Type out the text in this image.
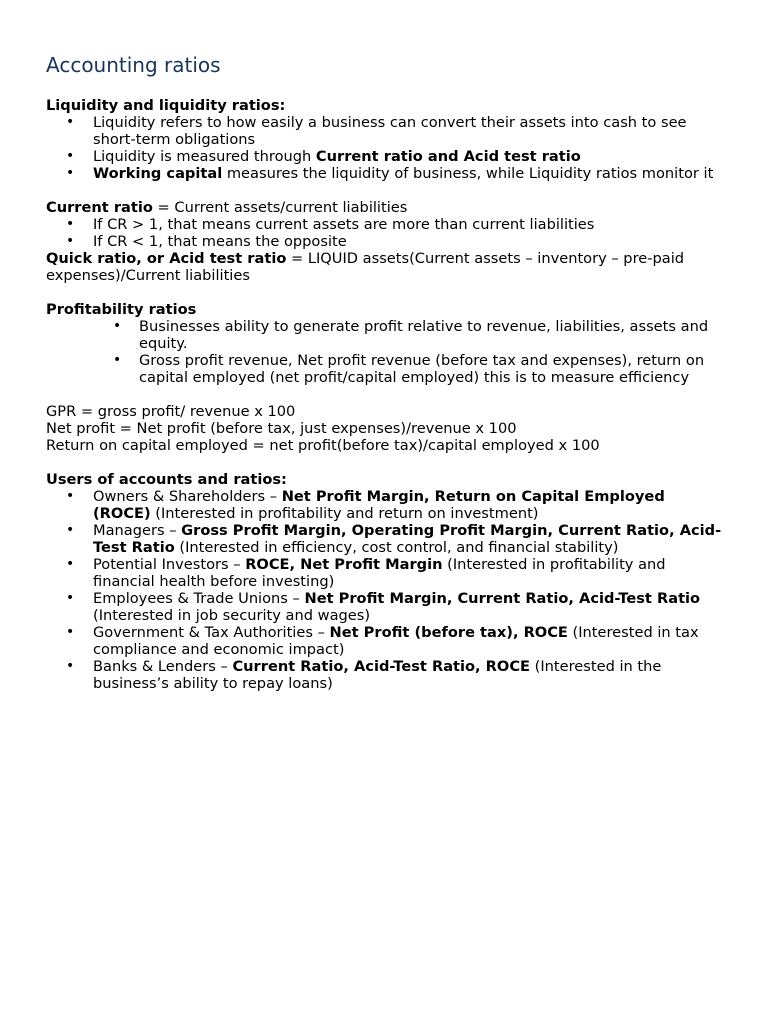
Accounting ratios

Liquidity and liquidity ratios:

• Liquidity refers to how easily a business can convert their assets into cash to see short-term obligations
• Liquidity is measured through Current ratio and Acid test ratio
• Working capital measures the liquidity of business, while Liquidity ratios monitor it

Current ratio = Current assets/current liabilities

• If CR > 1, that means current assets are more than current liabilities
• If CR < 1, that means the opposite

Quick ratio, or Acid test ratio = LIQUID assets(Current assets – inventory – pre-paid expenses)/Current liabilities

Profitability ratios

• Businesses ability to generate profit relative to revenue, liabilities, assets and equity.
• Gross profit revenue, Net profit revenue (before tax and expenses), return on capital employed (net profit/capital employed) this is to measure efficiency

GPR = gross profit/ revenue x 100

Net profit = Net profit (before tax, just expenses)/revenue x 100

Return on capital employed = net profit(before tax)/capital employed x 100

Users of accounts and ratios:

• Owners & Shareholders – Net Profit Margin, Return on Capital Employed (ROCE) (Interested in profitability and return on investment)
• Managers – Gross Profit Margin, Operating Profit Margin, Current Ratio, Acid-Test Ratio (Interested in efficiency, cost control, and financial stability)
• Potential Investors – ROCE, Net Profit Margin (Interested in profitability and financial health before investing)
• Employees & Trade Unions – Net Profit Margin, Current Ratio, Acid-Test Ratio (Interested in job security and wages)
• Government & Tax Authorities – Net Profit (before tax), ROCE (Interested in tax compliance and economic impact)
• Banks & Lenders – Current Ratio, Acid-Test Ratio, ROCE (Interested in the business’s ability to repay loans)
